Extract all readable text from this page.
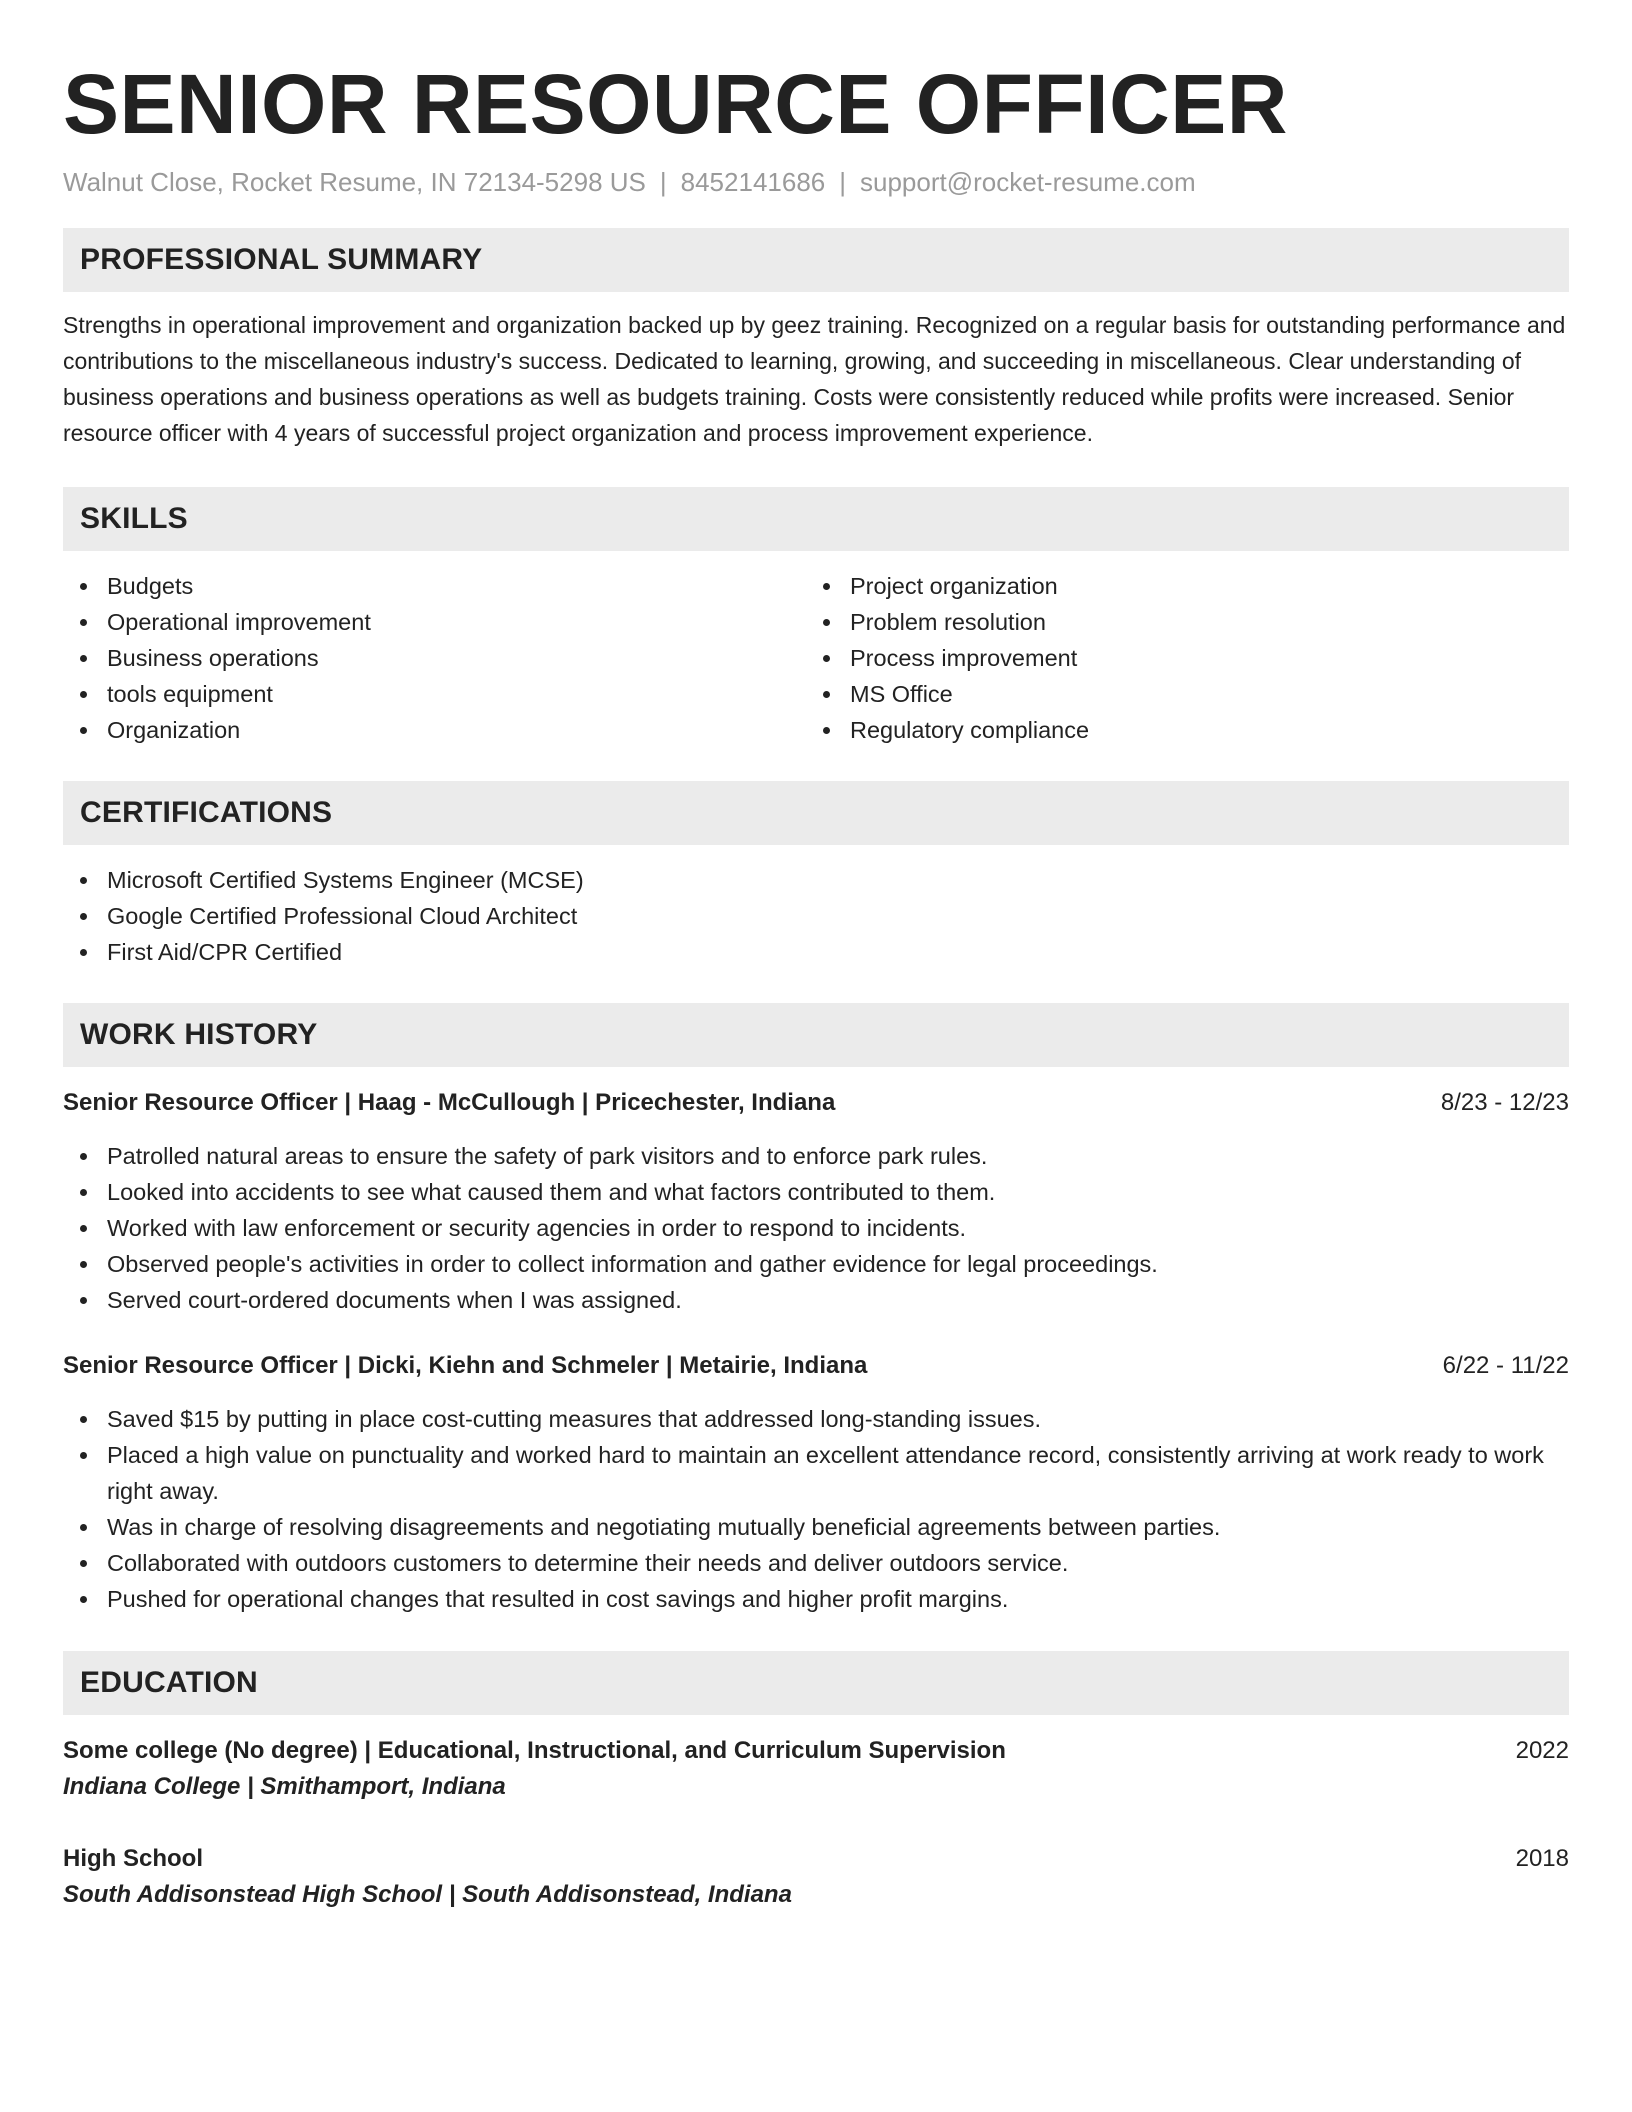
SENIOR RESOURCE OFFICER
Walnut Close, Rocket Resume, IN 72134-5298 US | 8452141686 | support@rocket-resume.com
PROFESSIONAL SUMMARY

Strengths in operational improvement and organization backed up by geez training. Recognized on a regular basis for outstanding performance and contributions to the miscellaneous industry's success. Dedicated to learning, growing, and succeeding in miscellaneous. Clear understanding of business operations and business operations as well as budgets training. Costs were consistently reduced while profits were increased. Senior resource officer with 4 years of successful project organization and process improvement experience.

SKILLS
Budgets
Operational improvement
Business operations
tools equipment
Organization
Project organization
Problem resolution
Process improvement
MS Office
Regulatory compliance
CERTIFICATIONS
Microsoft Certified Systems Engineer (MCSE)
Google Certified Professional Cloud Architect
First Aid/CPR Certified
WORK HISTORY
Senior Resource Officer | Haag - McCullough | Pricechester, Indiana	8/23 - 12/23
Patrolled natural areas to ensure the safety of park visitors and to enforce park rules.
Looked into accidents to see what caused them and what factors contributed to them.
Worked with law enforcement or security agencies in order to respond to incidents.
Observed people's activities in order to collect information and gather evidence for legal proceedings.
Served court-ordered documents when I was assigned.
Senior Resource Officer | Dicki, Kiehn and Schmeler | Metairie, Indiana	6/22 - 11/22
Saved $15 by putting in place cost-cutting measures that addressed long-standing issues.
Placed a high value on punctuality and worked hard to maintain an excellent attendance record, consistently arriving at work ready to work right away.
Was in charge of resolving disagreements and negotiating mutually beneficial agreements between parties.
Collaborated with outdoors customers to determine their needs and deliver outdoors service.
Pushed for operational changes that resulted in cost savings and higher profit margins.
EDUCATION
Some college (No degree) | Educational, Instructional, and Curriculum Supervision	2022
Indiana College | Smithamport, Indiana
High School	2018
South Addisonstead High School | South Addisonstead, Indiana
